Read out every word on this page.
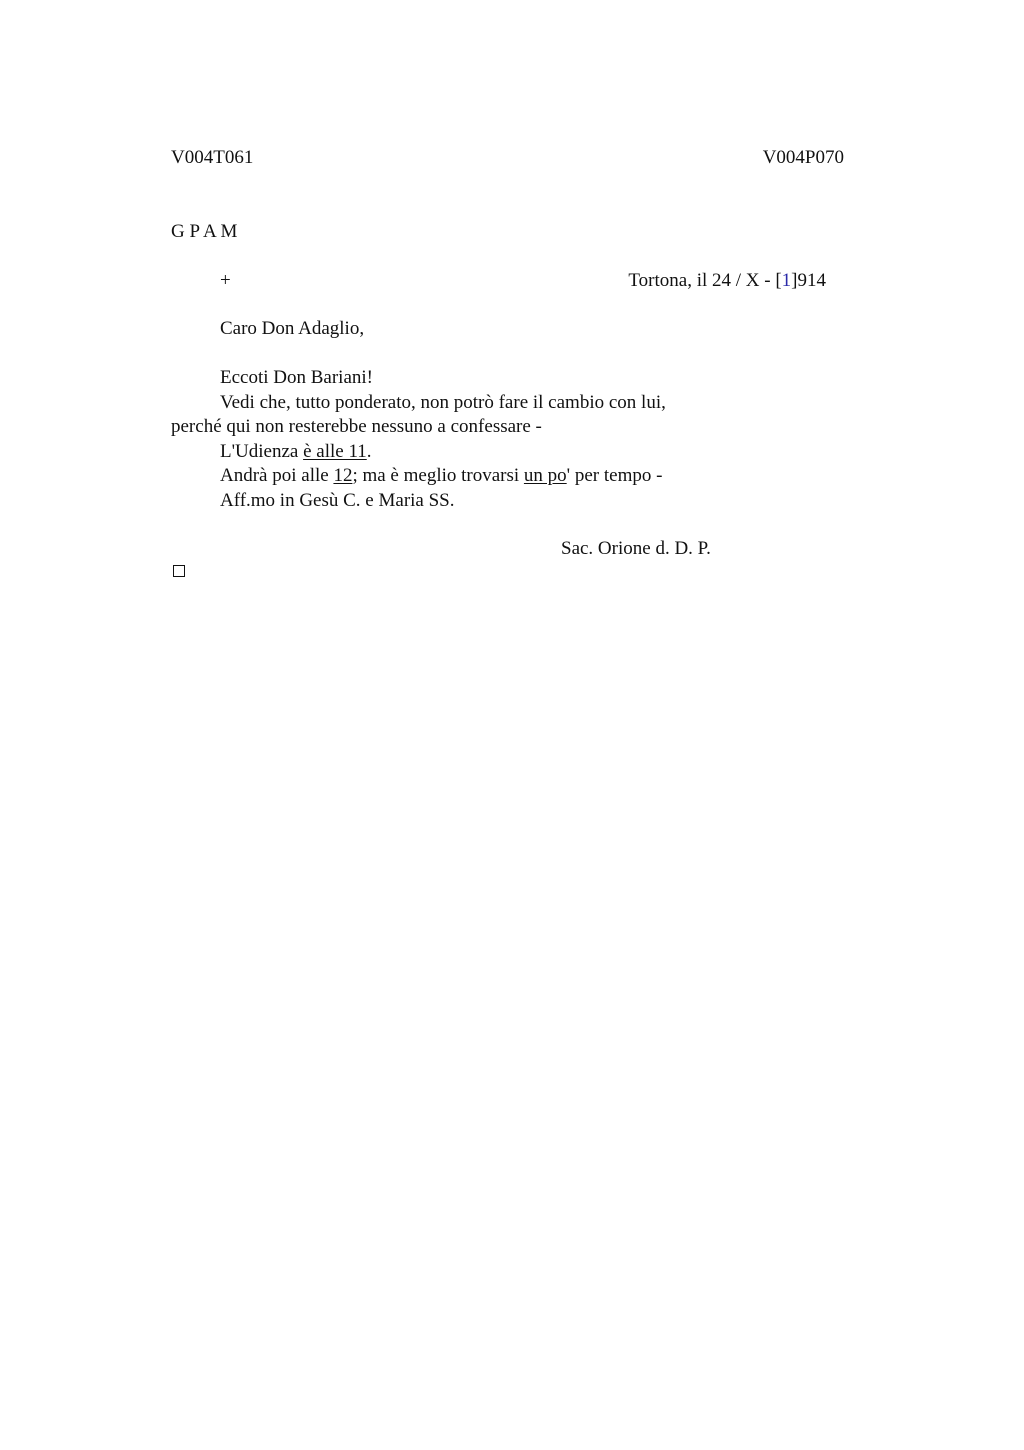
V004T061	V004P070
G P A M
+	Tortona, il 24 / X - [1]914
Caro Don Adaglio,
Eccoti Don Bariani!
Vedi che, tutto ponderato, non potrò fare il cambio con lui,
perché qui non resterebbe nessuno a confessare -
L'Udienza è alle 11.
Andrà poi alle 12; ma è meglio trovarsi un po' per tempo -
Aff.mo in Gesù C. e Maria SS.
Sac. Orione d. D. P.
